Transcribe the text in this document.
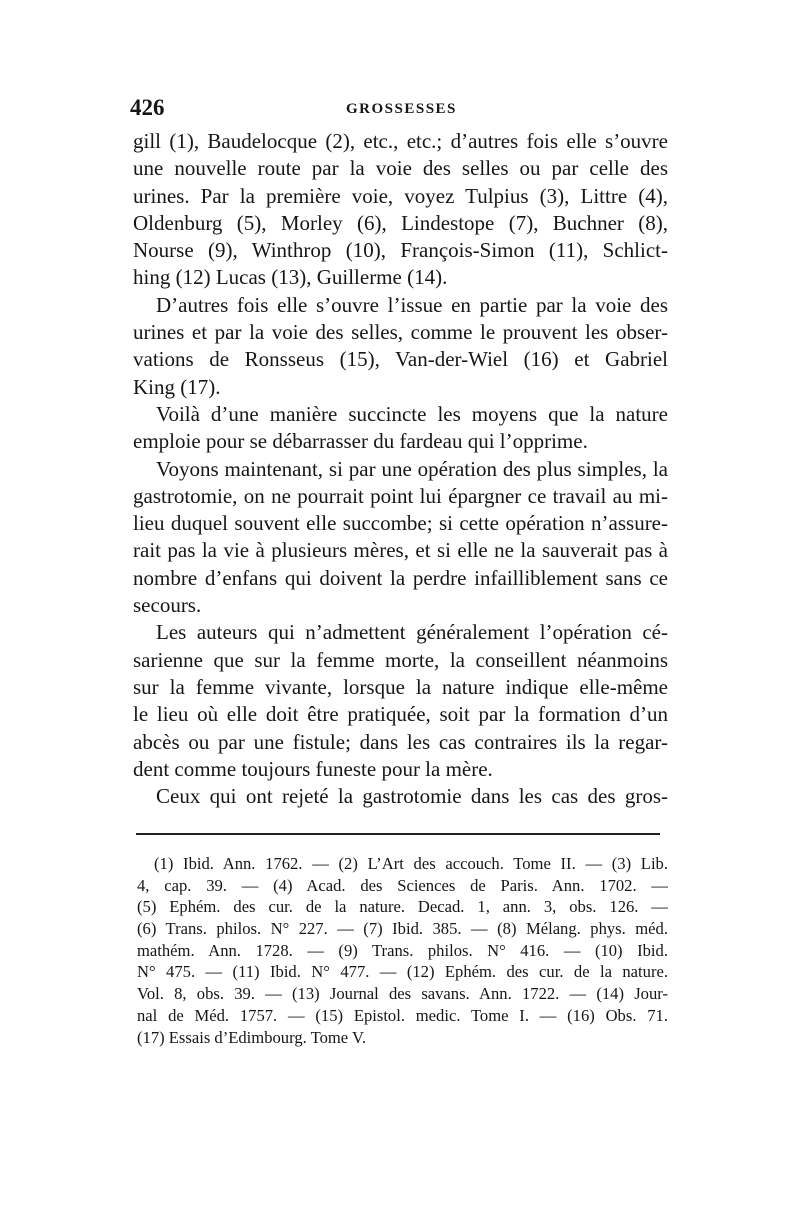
426	GROSSESSES
gill (1), Baudelocque (2), etc., etc.; d’autres fois elle s’ouvre
une nouvelle route par la voie des selles ou par celle des
urines. Par la première voie, voyez Tulpius (3), Littre (4),
Oldenburg (5), Morley (6), Lindestope (7), Buchner (8),
Nourse (9), Winthrop (10), François-Simon (11), Schlict-
hing (12) Lucas (13), Guillerme (14).
D’autres fois elle s’ouvre l’issue en partie par la voie des
urines et par la voie des selles, comme le prouvent les obser-
vations de Ronsseus (15), Van-der-Wiel (16) et Gabriel
King (17).
Voilà d’une manière succincte les moyens que la nature
emploie pour se débarrasser du fardeau qui l’opprime.
Voyons maintenant, si par une opération des plus simples, la
gastrotomie, on ne pourrait point lui épargner ce travail au mi-
lieu duquel souvent elle succombe; si cette opération n’assure-
rait pas la vie à plusieurs mères, et si elle ne la sauverait pas à
nombre d’enfans qui doivent la perdre infailliblement sans ce
secours.
Les auteurs qui n’admettent généralement l’opération cé-
sarienne que sur la femme morte, la conseillent néanmoins
sur la femme vivante, lorsque la nature indique elle-même
le lieu où elle doit être pratiquée, soit par la formation d’un
abcès ou par une fistule; dans les cas contraires ils la regar-
dent comme toujours funeste pour la mère.
Ceux qui ont rejeté la gastrotomie dans les cas des gros-
(1) Ibid. Ann. 1762. — (2) L’Art des accouch. Tome II. — (3) Lib.
4, cap. 39. — (4) Acad. des Sciences de Paris. Ann. 1702. —
(5) Ephém. des cur. de la nature. Decad. 1, ann. 3, obs. 126. —
(6) Trans. philos. N° 227. — (7) Ibid. 385. — (8) Mélang. phys. méd.
mathém. Ann. 1728. — (9) Trans. philos. N° 416. — (10) Ibid.
N° 475. — (11) Ibid. N° 477. — (12) Ephém. des cur. de la nature.
Vol. 8, obs. 39. — (13) Journal des savans. Ann. 1722. — (14) Jour-
nal de Méd. 1757. — (15) Epistol. medic. Tome I. — (16) Obs. 71.
(17) Essais d’Edimbourg. Tome V.
